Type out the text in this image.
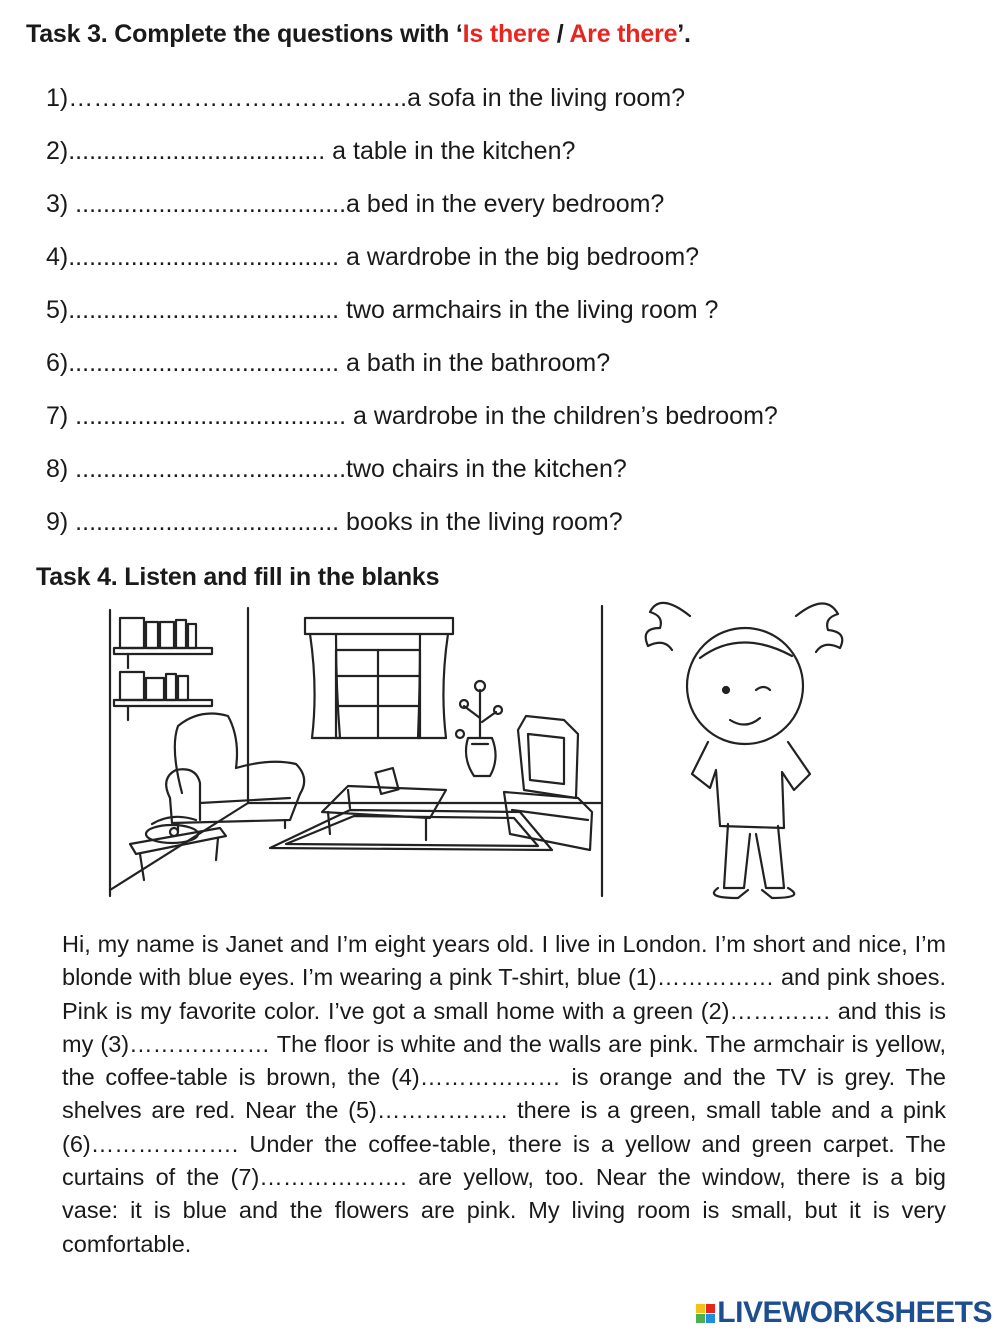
Task 3. Complete the questions with ‘Is there / Are there’.
1)…………………………………..a sofa in the living room?
2)..................................... a table in the kitchen?
3) .......................................a bed in the every bedroom?
4)....................................... a wardrobe in the big bedroom?
5)....................................... two armchairs in the living room ?
6)....................................... a bath in the bathroom?
7) ....................................... a wardrobe in the children’s bedroom?
8) .......................................two chairs in the kitchen?
9) ...................................... books in the living room?
Task 4. Listen and fill in the blanks
Hi, my name is Janet and I’m eight years old. I live in London. I’m short and nice, I’m blonde with blue eyes. I’m wearing a pink T-shirt, blue (1)…………… and pink shoes. Pink is my favorite color. I’ve got a small home with a green (2)…………. and this is my (3)……………… The floor is white and the walls are pink. The armchair is yellow, the coffee-table is brown, the (4)……………… is orange and the TV is grey. The shelves are red. Near the (5)…………….. there is a green, small table and a pink (6)………………. Under the coffee-table, there is a yellow and green carpet. The curtains of the (7)………………. are yellow, too. Near the window, there is a big vase: it is blue and the flowers are pink. My living room is small, but it is very comfortable.
LIVEWORKSHEETS
